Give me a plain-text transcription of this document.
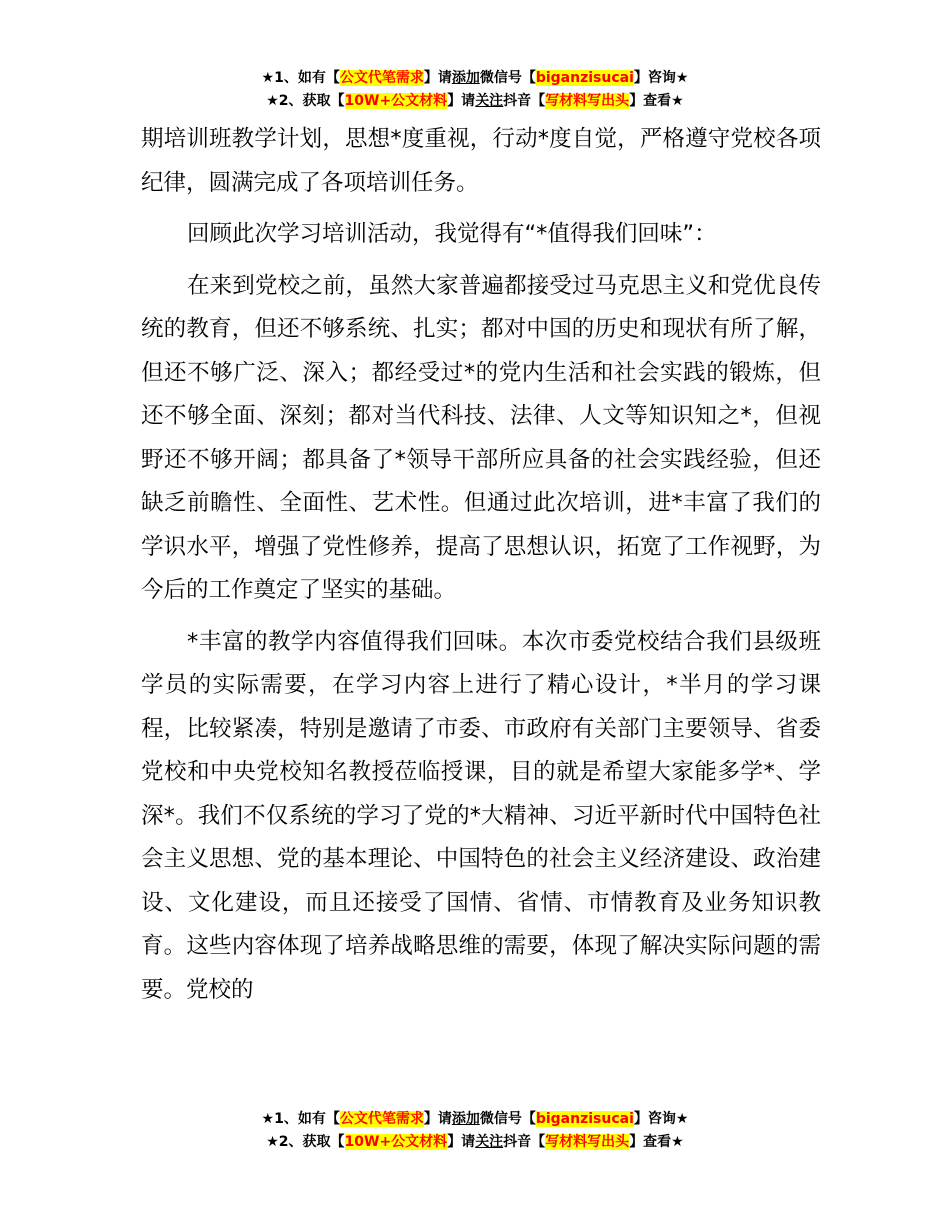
★1、如有【公文代笔需求】请添加微信号【biganzisucai】咨询★
★2、获取【10W+公文材料】请关注抖音【写材料写出头】查看★

期培训班教学计划，思想*度重视，行动*度自觉，严格遵守党校各项纪律，圆满完成了各项培训任务。

回顾此次学习培训活动，我觉得有“*值得我们回味”：

在来到党校之前，虽然大家普遍都接受过马克思主义和党优良传统的教育，但还不够系统、扎实；都对中国的历史和现状有所了解，但还不够广泛、深入；都经受过*的党内生活和社会实践的锻炼，但还不够全面、深刻；都对当代科技、法律、人文等知识知之*，但视野还不够开阔；都具备了*领导干部所应具备的社会实践经验，但还缺乏前瞻性、全面性、艺术性。但通过此次培训，进*丰富了我们的学识水平，增强了党性修养，提高了思想认识，拓宽了工作视野，为今后的工作奠定了坚实的基础。

*丰富的教学内容值得我们回味。本次市委党校结合我们县级班学员的实际需要，在学习内容上进行了精心设计，*半月的学习课程，比较紧凑，特别是邀请了市委、市政府有关部门主要领导、省委党校和中央党校知名教授莅临授课，目的就是希望大家能多学*、学深*。我们不仅系统的学习了党的*大精神、习近平新时代中国特色社会主义思想、党的基本理论、中国特色的社会主义经济建设、政治建设、文化建设，而且还接受了国情、省情、市情教育及业务知识教育。这些内容体现了培养战略思维的需要，体现了解决实际问题的需要。党校的

★1、如有【公文代笔需求】请添加微信号【biganzisucai】咨询★
★2、获取【10W+公文材料】请关注抖音【写材料写出头】查看★
